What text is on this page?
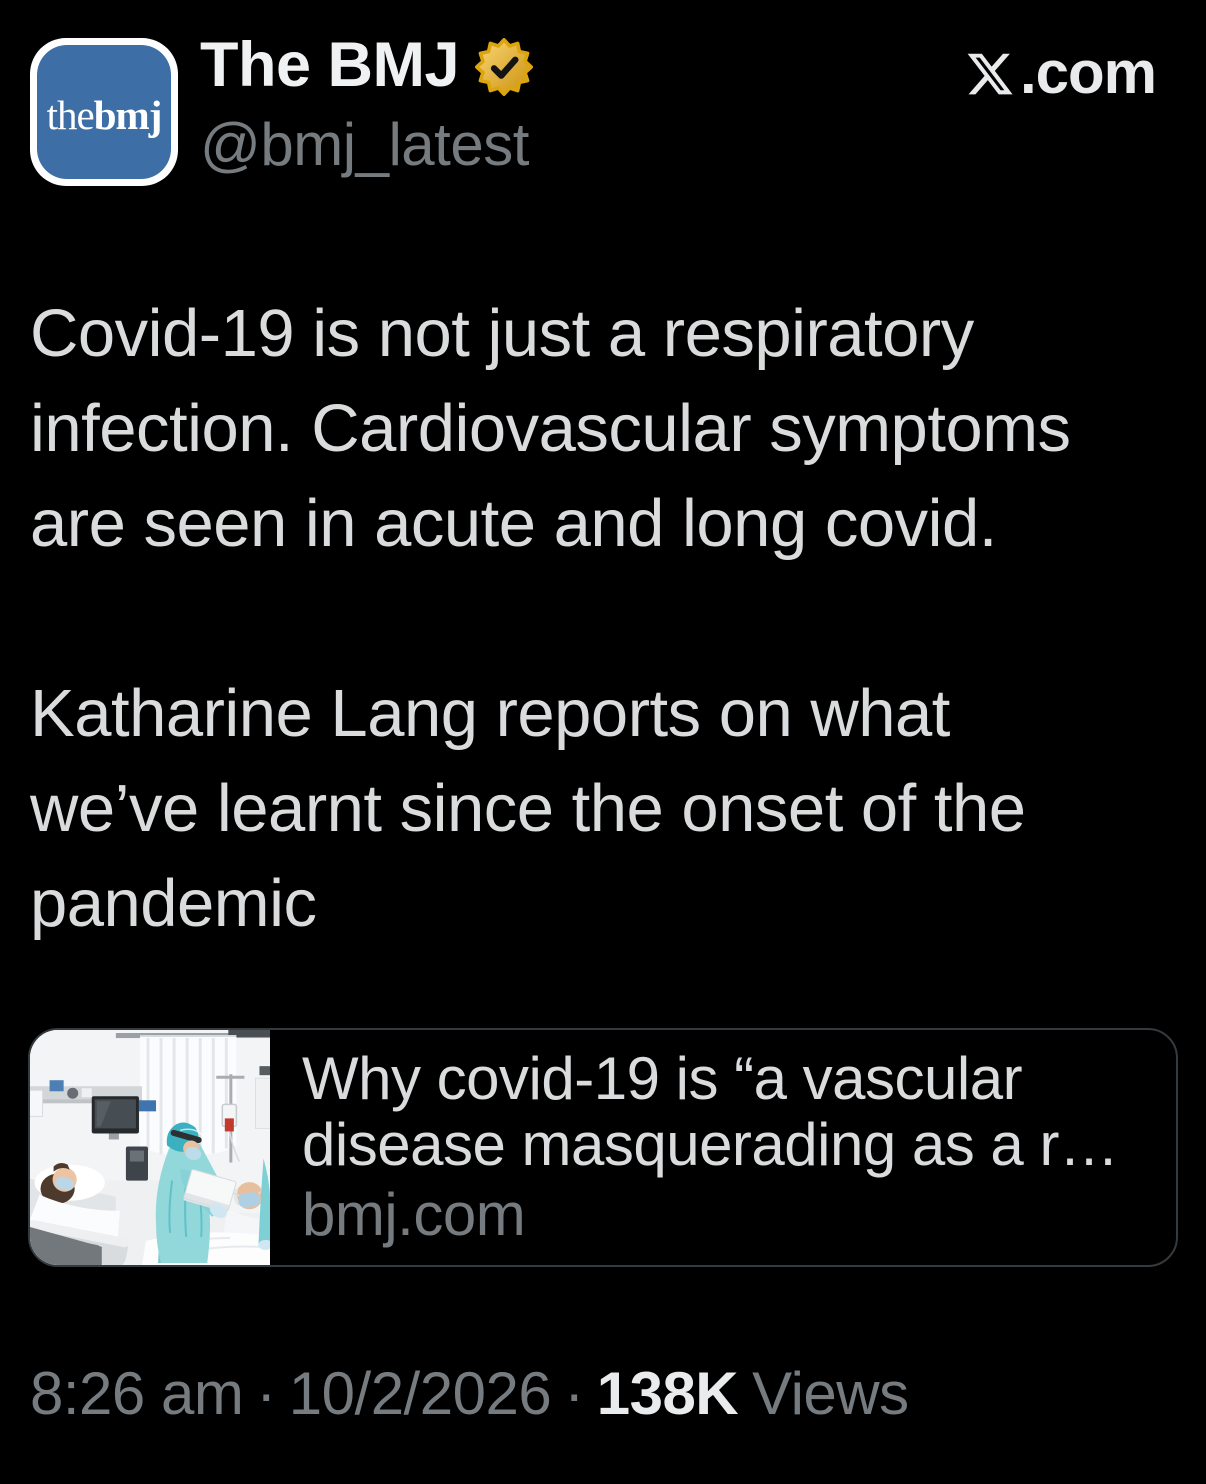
the bmj
The BMJ
@bmj_latest
.com
Covid-19 is not just a respiratory
infection. Cardiovascular symptoms
are seen in acute and long covid.
Katharine Lang reports on what
we’ve learnt since the onset of the
pandemic
Why covid-19 is “a vascular
disease masquerading as a r…
bmj.com
8:26 am · 10/2/2026 · 138K Views
